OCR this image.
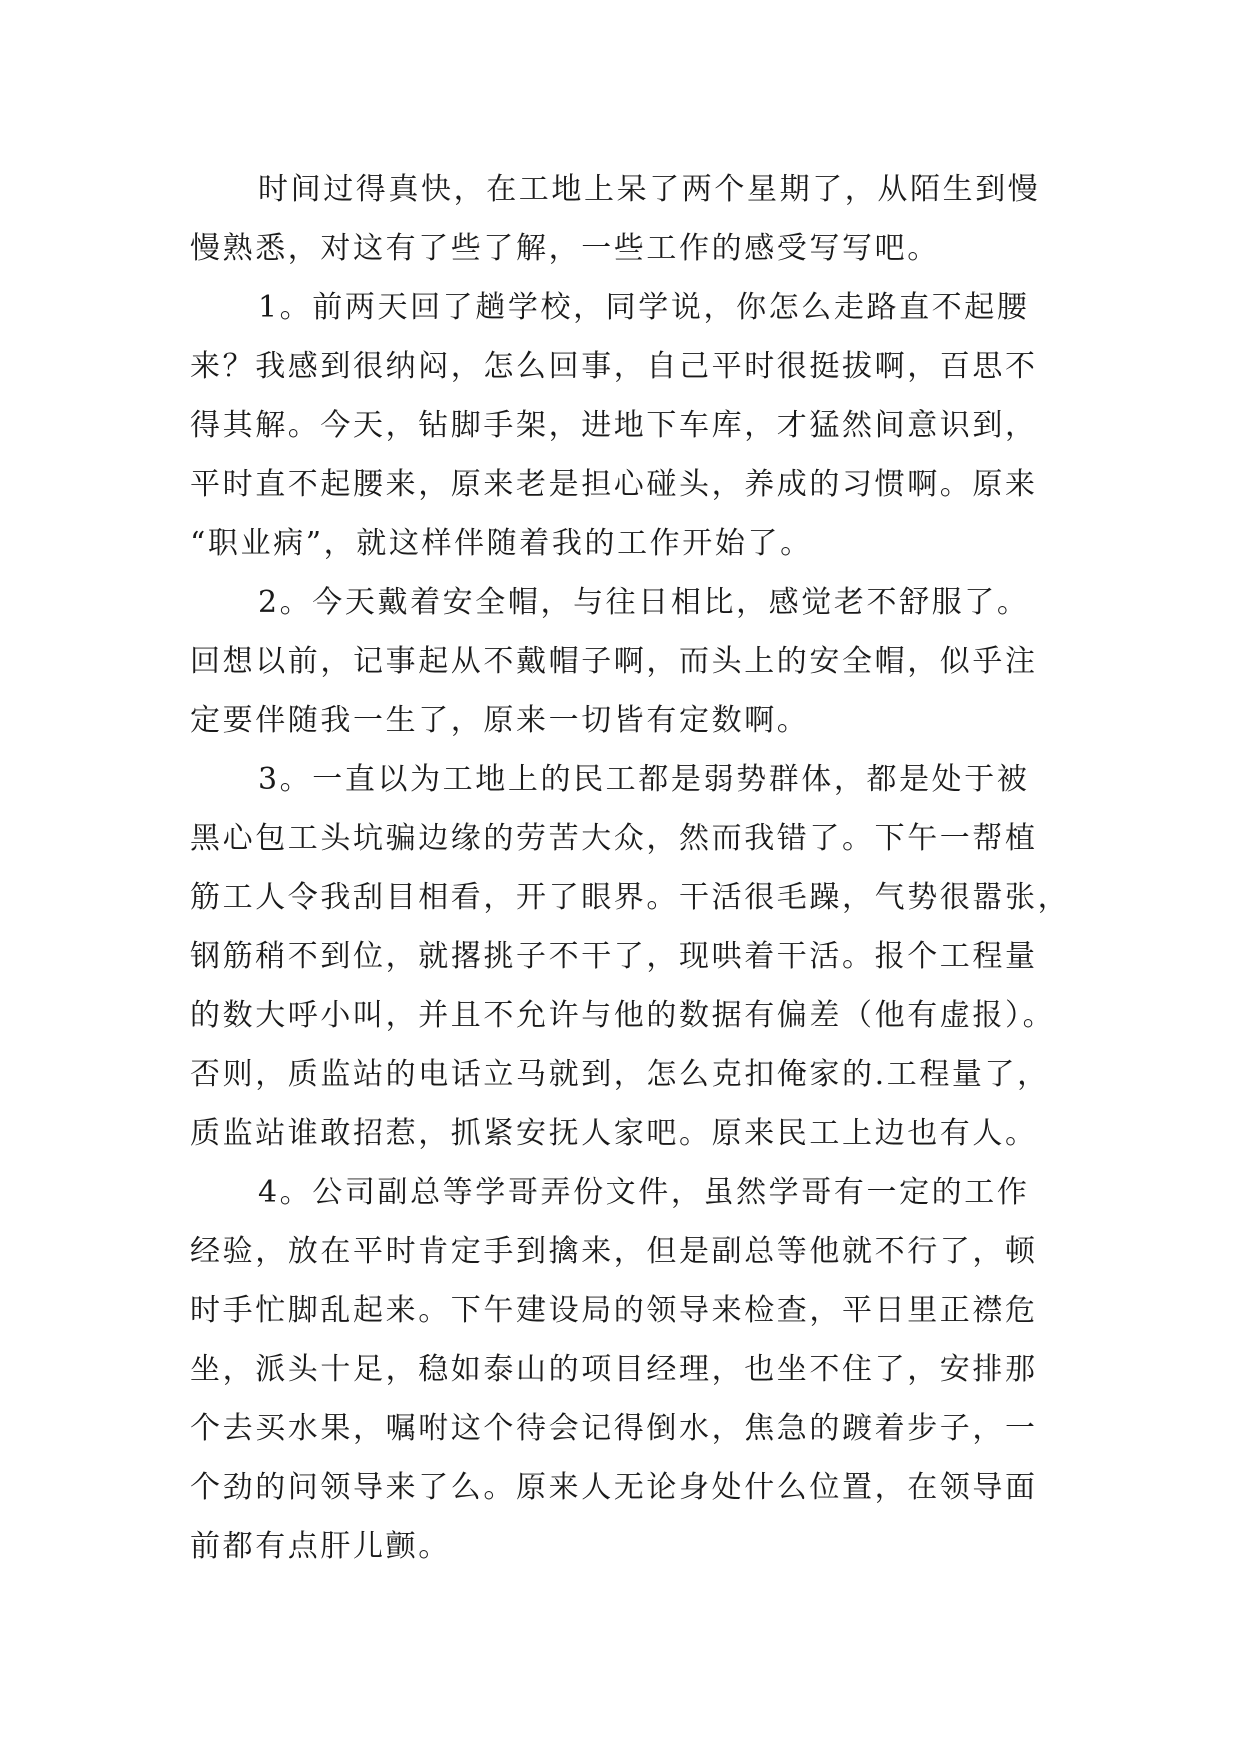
时间过得真快，在工地上呆了两个星期了，从陌生到慢
慢熟悉，对这有了些了解，一些工作的感受写写吧。
1。前两天回了趟学校，同学说，你怎么走路直不起腰
来？我感到很纳闷，怎么回事，自己平时很挺拔啊，百思不
得其解。今天，钻脚手架，进地下车库，才猛然间意识到，
平时直不起腰来，原来老是担心碰头，养成的习惯啊。原来
“职业病”，就这样伴随着我的工作开始了。
2。今天戴着安全帽，与往日相比，感觉老不舒服了。
回想以前，记事起从不戴帽子啊，而头上的安全帽，似乎注
定要伴随我一生了，原来一切皆有定数啊。
3。一直以为工地上的民工都是弱势群体，都是处于被
黑心包工头坑骗边缘的劳苦大众，然而我错了。下午一帮植
筋工人令我刮目相看，开了眼界。干活很毛躁，气势很嚣张，
钢筋稍不到位，就撂挑子不干了，现哄着干活。报个工程量
的数大呼小叫，并且不允许与他的数据有偏差（他有虚报）。
否则，质监站的电话立马就到，怎么克扣俺家的.工程量了，
质监站谁敢招惹，抓紧安抚人家吧。原来民工上边也有人。
4。公司副总等学哥弄份文件，虽然学哥有一定的工作
经验，放在平时肯定手到擒来，但是副总等他就不行了，顿
时手忙脚乱起来。下午建设局的领导来检查，平日里正襟危
坐，派头十足，稳如泰山的项目经理，也坐不住了，安排那
个去买水果，嘱咐这个待会记得倒水，焦急的踱着步子，一
个劲的问领导来了么。原来人无论身处什么位置，在领导面
前都有点肝儿颤。
